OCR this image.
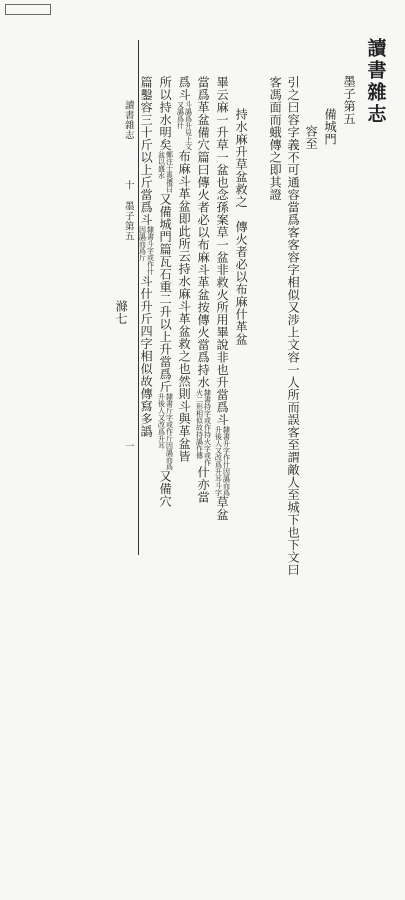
讀書雜志
墨子第五
備城門
容至
引之曰容字義不可通容當爲客客容字相似又涉上文容一人所而誤客至謂敵人至城下也下文曰
客馮面而蛾傳之即其證
持水麻升草盆救之　傳火者必以布麻什革盆
畢云麻一升草一盆也念孫案草一盆非救火所用畢說非也升當爲斗
隸書升字作什因譌而爲
升後人又改爲升耳斗字
草盆
當爲革盆備穴篇曰傳火者必以布麻斗革盆按傳火當爲持水
隸書持字或作持火字或作
火二形相似故持譌作傳
什亦當
爲斗
斗譌爲升見上文
又譌爲什
布麻斗革盆即此所云持水麻斗革盆救之也然則斗與革盆皆
所以持水明矣
鄭注士喪禮曰
盆以盛水
又備城門篇瓦石重二升以上升當爲斤
隸書斤字或作斤因譌而爲
升後人又改爲升耳
又備穴
篇鑿容三十斤以上斤當爲斗
隸書斗字或作什
因譌而爲斤
斗什升斤四字相似故傳寫多譌
滌七
讀書雜志
十
墨子第五
一
